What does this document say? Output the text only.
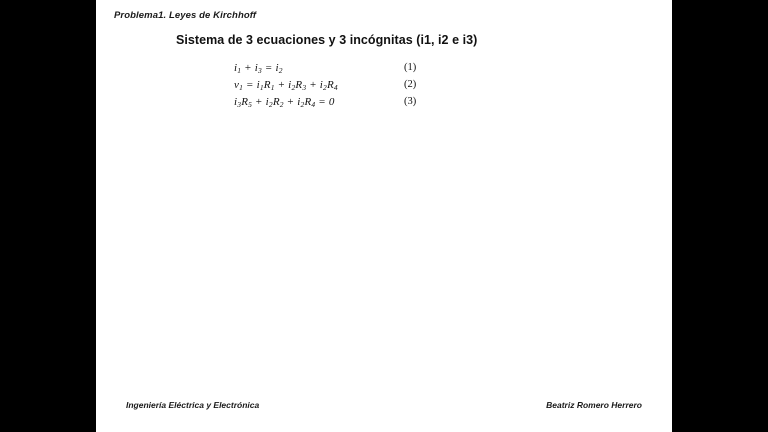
Problema1. Leyes de Kirchhoff
Sistema de 3 ecuaciones y 3 incógnitas (i1, i2 e i3)
$i_1 + i_3 = i_2$	(1)
$v_1 = i_1R_1 + i_2R_3 + i_2R_4$	(2)
$i_3R_5 + i_2R_2 + i_2R_4 = 0$	(3)
Ingeniería Eléctrica y Electrónica	Beatriz Romero Herrero
